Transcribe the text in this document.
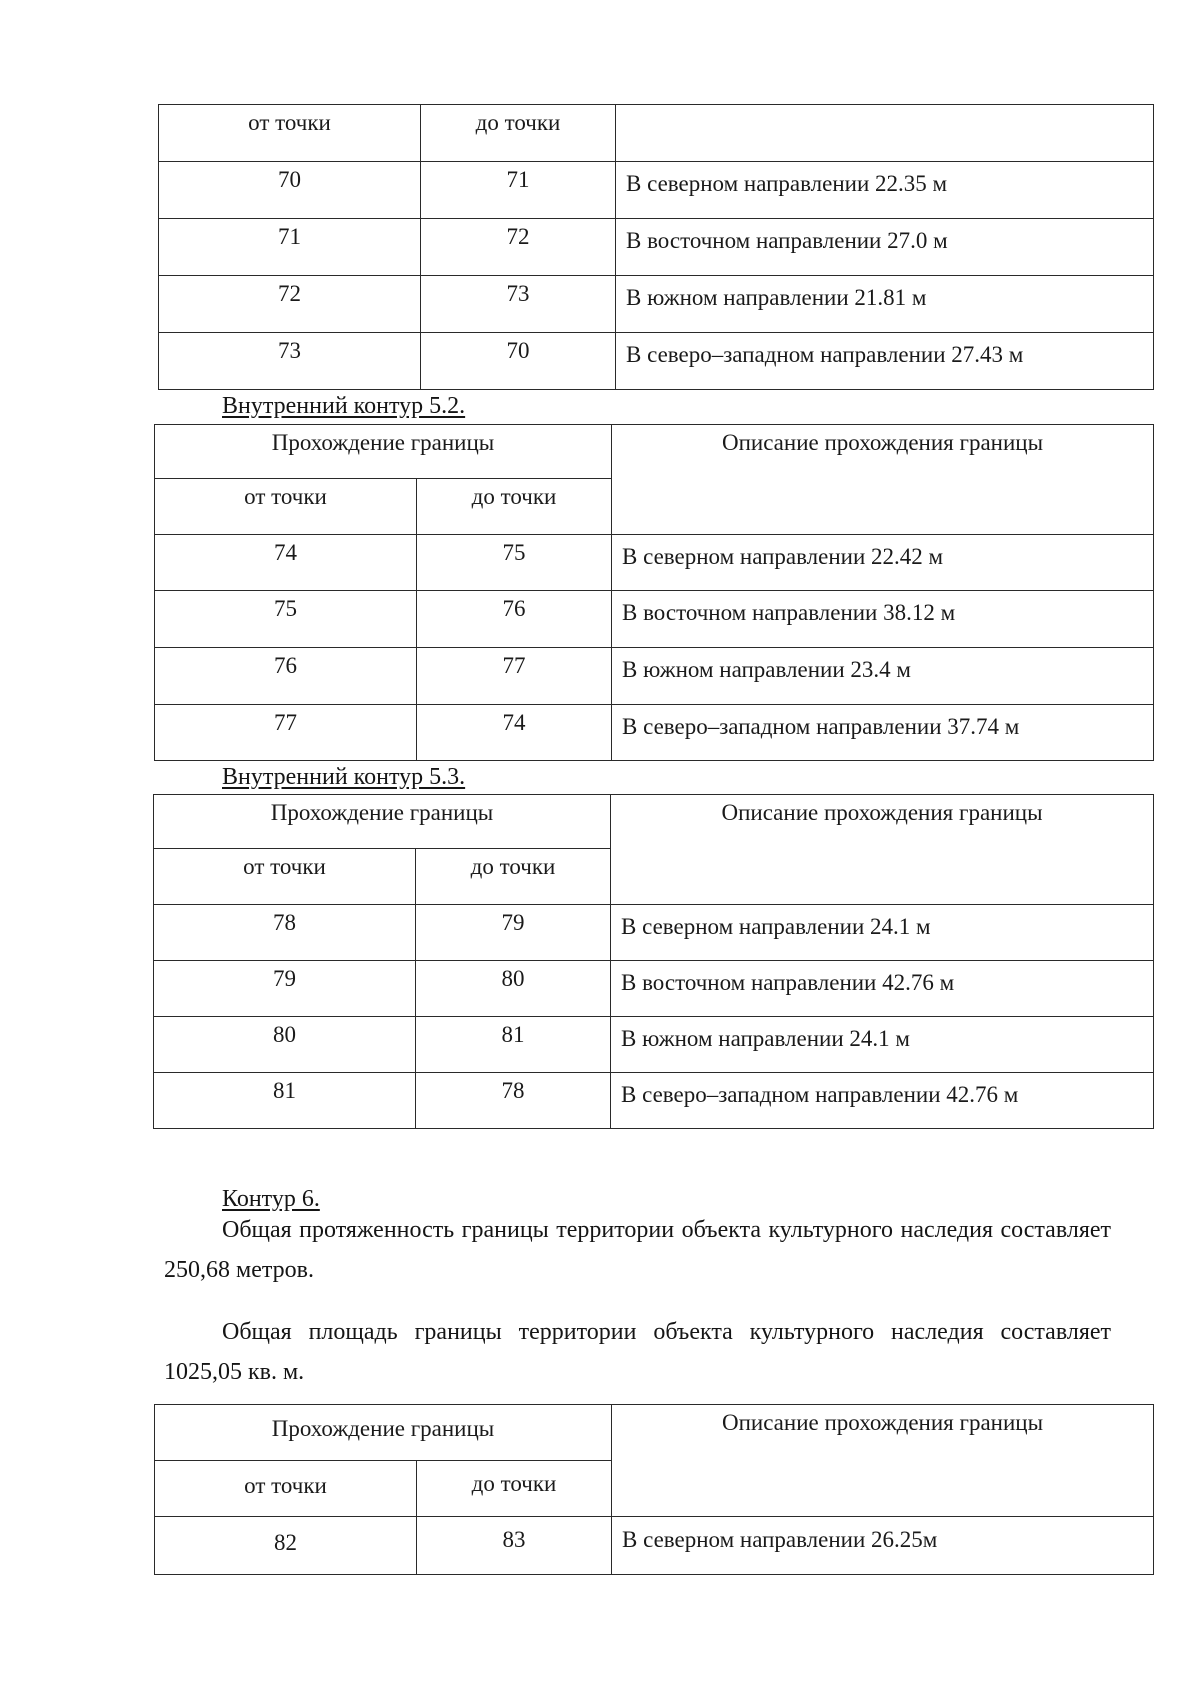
от точки	до точки	
70	71	В северном направлении 22.35 м
71	72	В восточном направлении 27.0 м
72	73	В южном направлении 21.81 м
73	70	В северо–западном направлении 27.43 м
Внутренний контур 5.2.
Прохождение границы		Описание прохождения границы
от точки	до точки	
74	75	В северном направлении 22.42 м
75	76	В восточном направлении 38.12 м
76	77	В южном направлении 23.4 м
77	74	В северо–западном направлении 37.74 м
Внутренний контур 5.3.
Прохождение границы		Описание прохождения границы
от точки	до точки	
78	79	В северном направлении 24.1 м
79	80	В восточном направлении 42.76 м
80	81	В южном направлении 24.1 м
81	78	В северо–западном направлении 42.76 м
Контур 6.
Общая протяженность границы территории объекта культурного наследия составляет 250,68 метров.
Общая площадь границы территории объекта культурного наследия составляет 1025,05 кв. м.
Прохождение границы		Описание прохождения границы
от точки	до точки	
82	83	В северном направлении 26.25м
